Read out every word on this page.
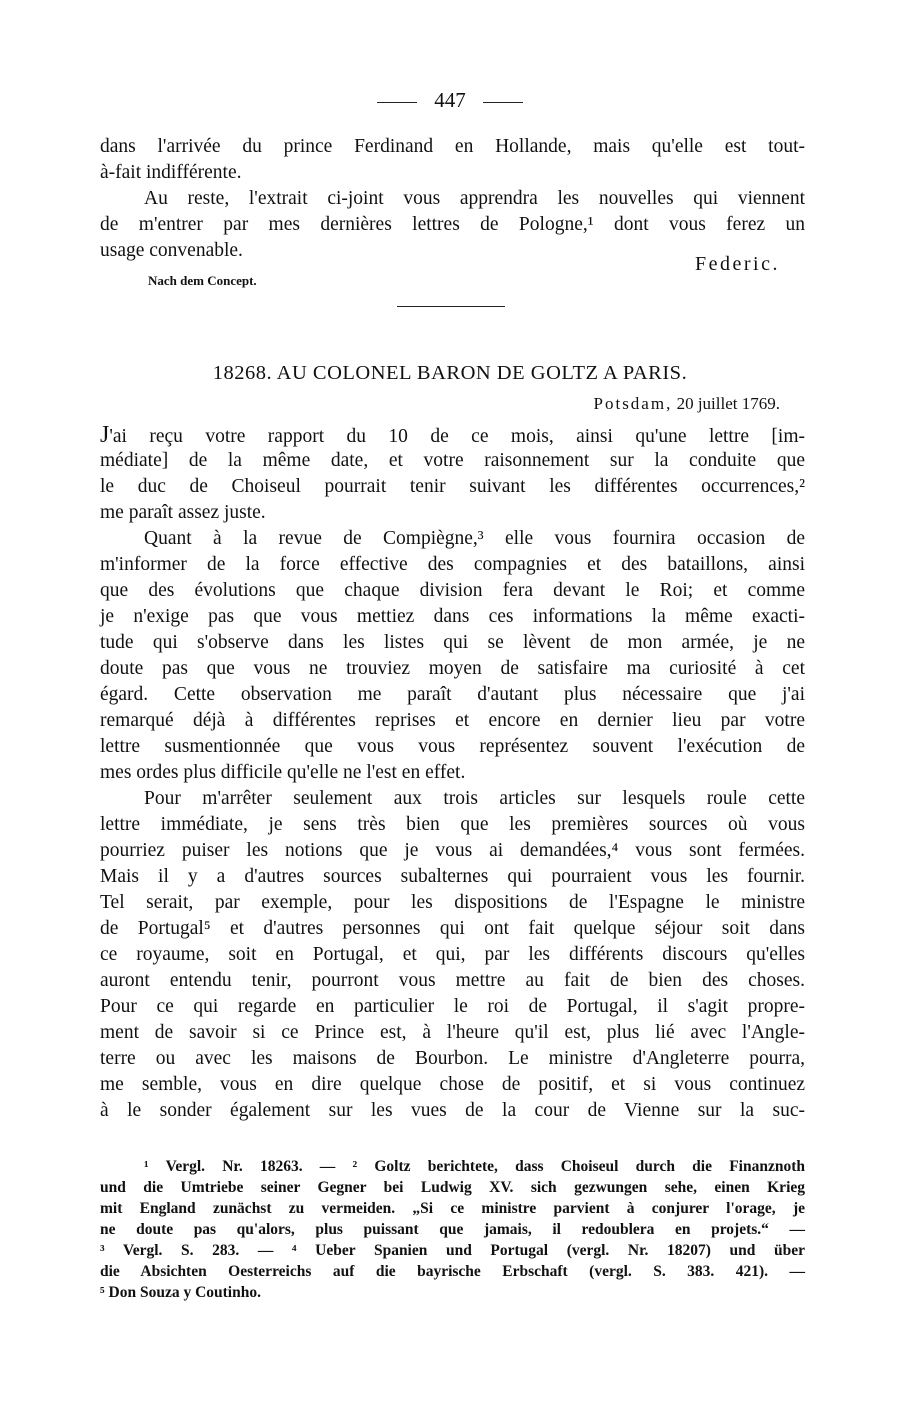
447
dans l'arrivée du prince Ferdinand en Hollande, mais qu'elle est tout-
à-fait indifférente.
Au reste, l'extrait ci-joint vous apprendra les nouvelles qui viennent
de m'entrer par mes dernières lettres de Pologne,¹ dont vous ferez un
usage convenable.
Federic.
Nach dem Concept.
18268. AU COLONEL BARON DE GOLTZ A PARIS.
Potsdam, 20 juillet 1769.
J'ai reçu votre rapport du 10 de ce mois, ainsi qu'une lettre [im-
médiate] de la même date, et votre raisonnement sur la conduite que
le duc de Choiseul pourrait tenir suivant les différentes occurrences,²
me paraît assez juste.
Quant à la revue de Compiègne,³ elle vous fournira occasion de
m'informer de la force effective des compagnies et des bataillons, ainsi
que des évolutions que chaque division fera devant le Roi; et comme
je n'exige pas que vous mettiez dans ces informations la même exacti-
tude qui s'observe dans les listes qui se lèvent de mon armée, je ne
doute pas que vous ne trouviez moyen de satisfaire ma curiosité à cet
égard. Cette observation me paraît d'autant plus nécessaire que j'ai
remarqué déjà à différentes reprises et encore en dernier lieu par votre
lettre susmentionnée que vous vous représentez souvent l'exécution de
mes ordes plus difficile qu'elle ne l'est en effet.
Pour m'arrêter seulement aux trois articles sur lesquels roule cette
lettre immédiate, je sens très bien que les premières sources où vous
pourriez puiser les notions que je vous ai demandées,⁴ vous sont fermées.
Mais il y a d'autres sources subalternes qui pourraient vous les fournir.
Tel serait, par exemple, pour les dispositions de l'Espagne le ministre
de Portugal⁵ et d'autres personnes qui ont fait quelque séjour soit dans
ce royaume, soit en Portugal, et qui, par les différents discours qu'elles
auront entendu tenir, pourront vous mettre au fait de bien des choses.
Pour ce qui regarde en particulier le roi de Portugal, il s'agit propre-
ment de savoir si ce Prince est, à l'heure qu'il est, plus lié avec l'Angle-
terre ou avec les maisons de Bourbon. Le ministre d'Angleterre pourra,
me semble, vous en dire quelque chose de positif, et si vous continuez
à le sonder également sur les vues de la cour de Vienne sur la suc-
¹ Vergl. Nr. 18263. — ² Goltz berichtete, dass Choiseul durch die Finanznoth
und die Umtriebe seiner Gegner bei Ludwig XV. sich gezwungen sehe, einen Krieg
mit England zunächst zu vermeiden. „Si ce ministre parvient à conjurer l'orage, je
ne doute pas qu'alors, plus puissant que jamais, il redoublera en projets.“ —
³ Vergl. S. 283. — ⁴ Ueber Spanien und Portugal (vergl. Nr. 18207) und über
die Absichten Oesterreichs auf die bayrische Erbschaft (vergl. S. 383. 421). —
⁵ Don Souza y Coutinho.
